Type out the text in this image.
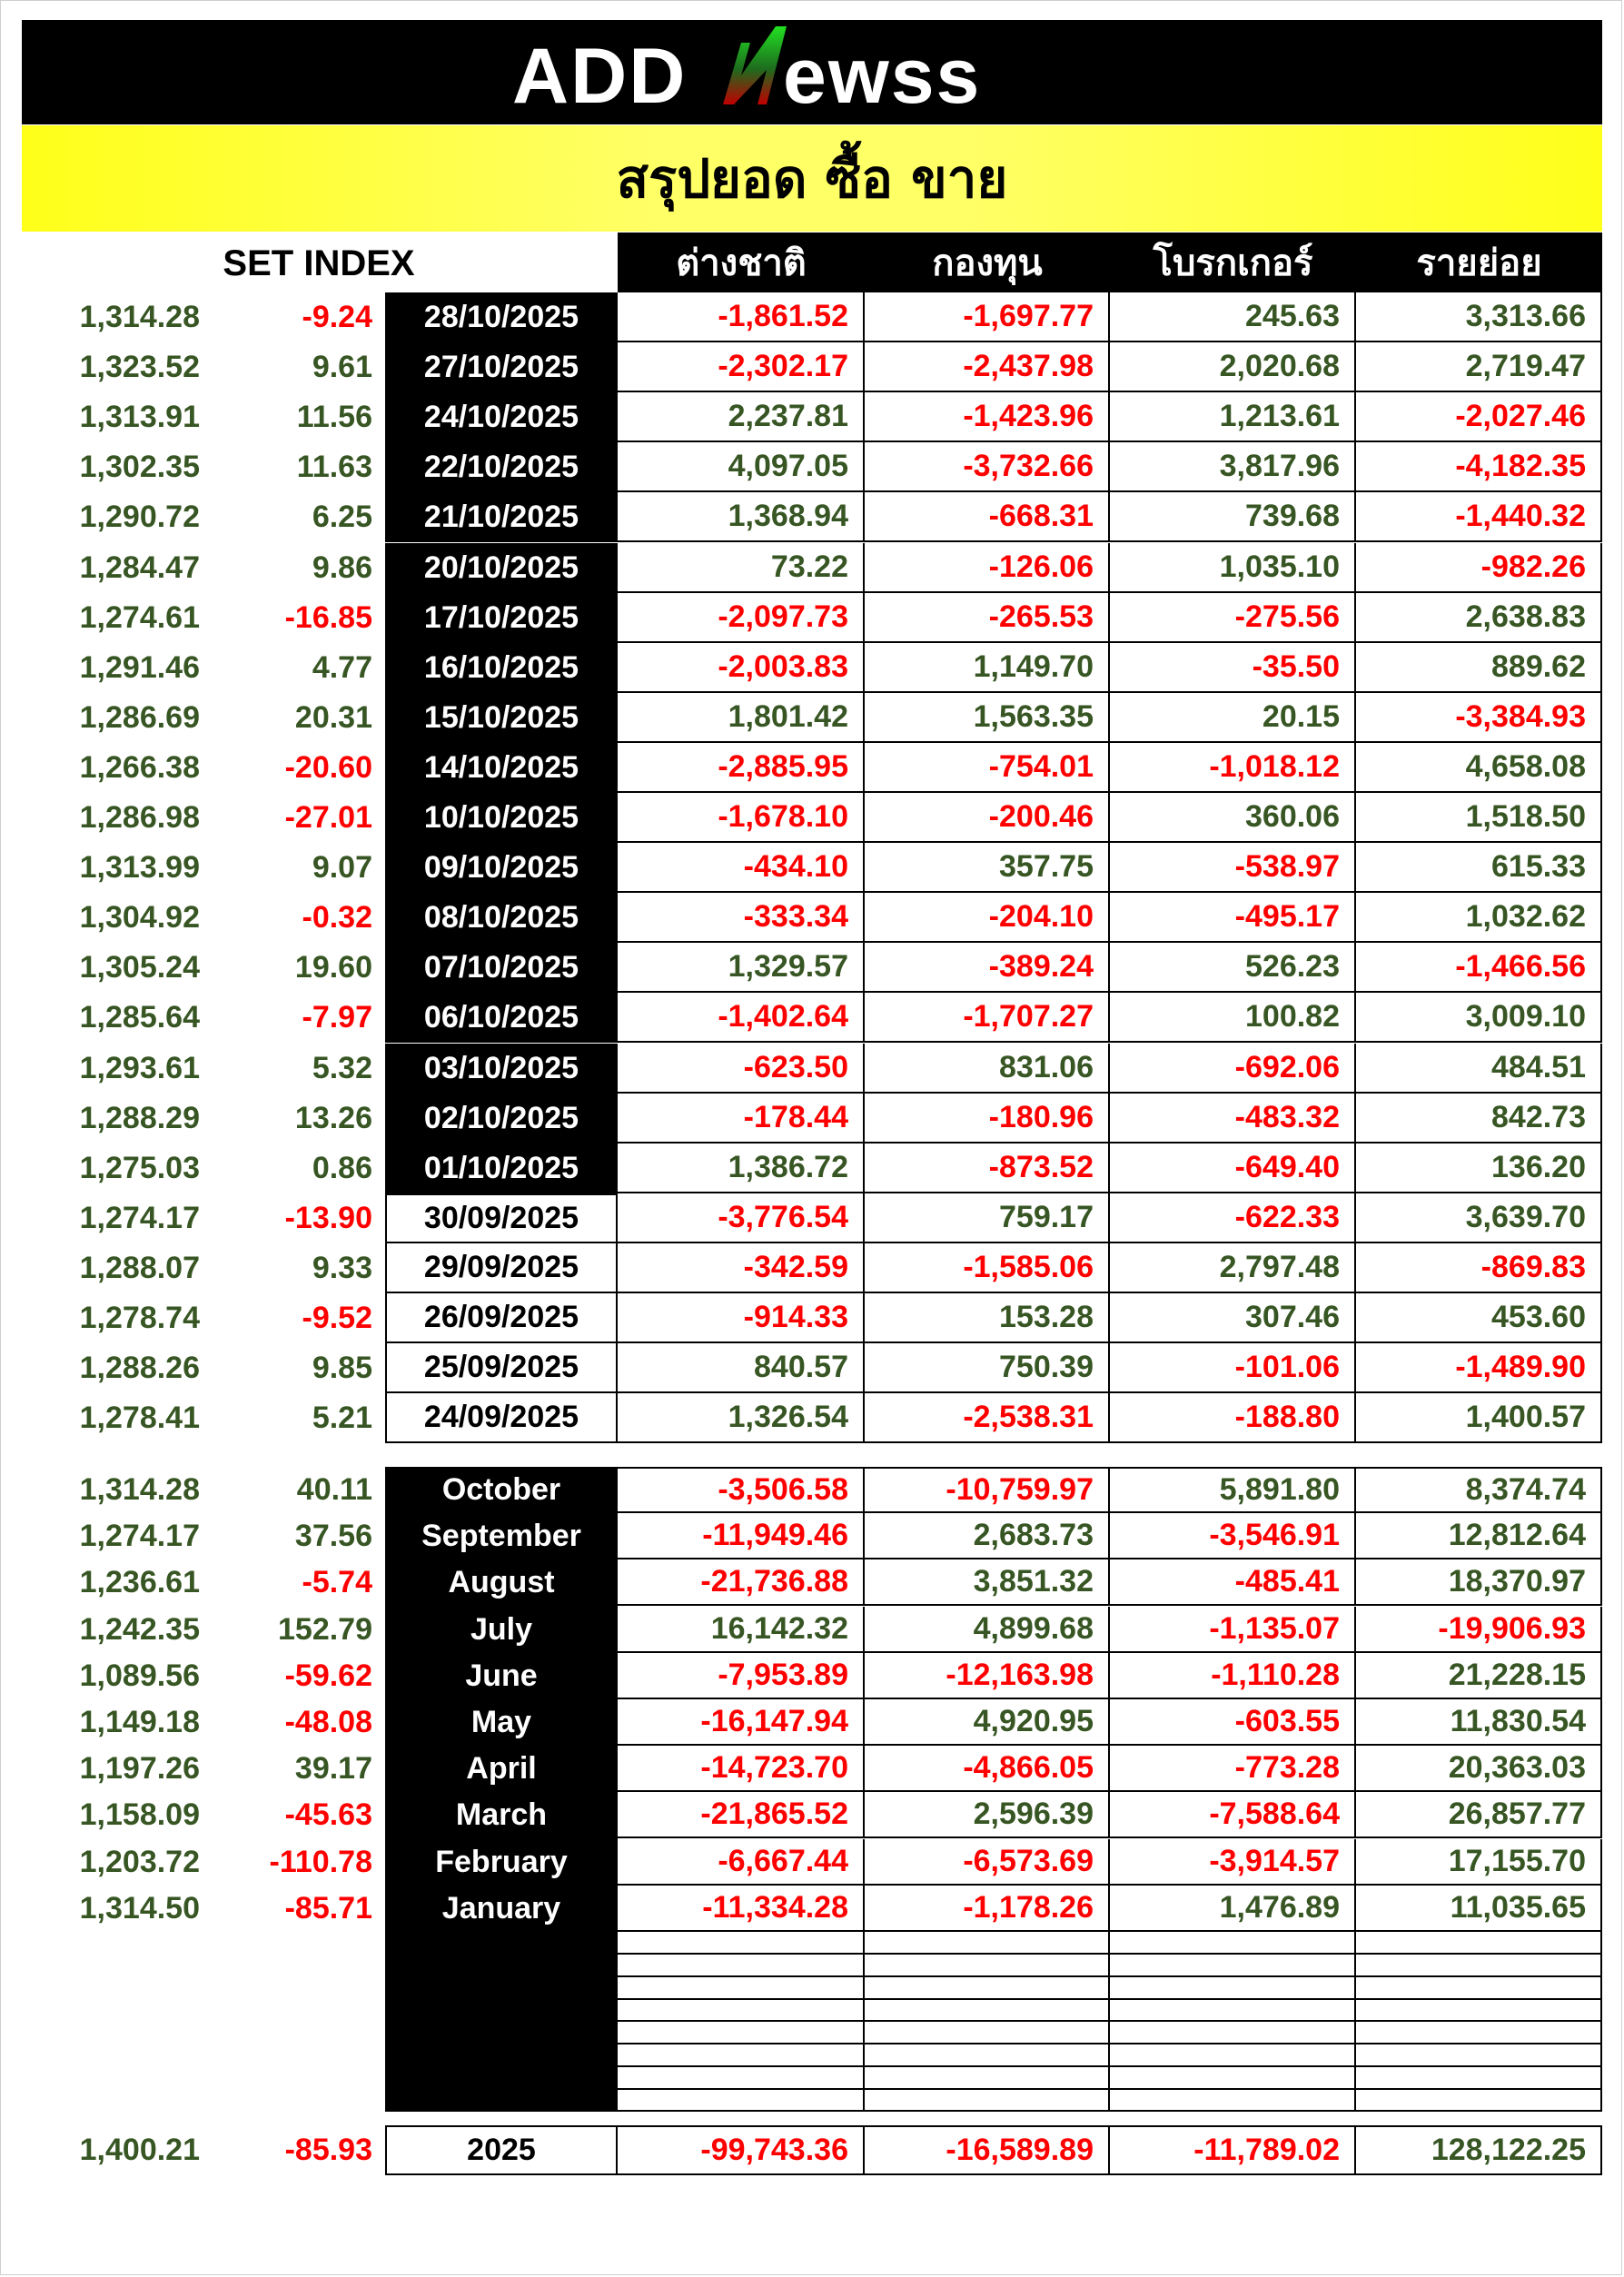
ADD ewss
สรุปยอด ซื้อ ขาย
SET INDEX	ต่างชาติ	กองทุน	โบรกเกอร์	รายย่อย
1,314.28	-9.24	28/10/2025	-1,861.52	-1,697.77	245.63	3,313.66
1,323.52	9.61	27/10/2025	-2,302.17	-2,437.98	2,020.68	2,719.47
1,313.91	11.56	24/10/2025	2,237.81	-1,423.96	1,213.61	-2,027.46
1,302.35	11.63	22/10/2025	4,097.05	-3,732.66	3,817.96	-4,182.35
1,290.72	6.25	21/10/2025	1,368.94	-668.31	739.68	-1,440.32
1,284.47	9.86	20/10/2025	73.22	-126.06	1,035.10	-982.26
1,274.61	-16.85	17/10/2025	-2,097.73	-265.53	-275.56	2,638.83
1,291.46	4.77	16/10/2025	-2,003.83	1,149.70	-35.50	889.62
1,286.69	20.31	15/10/2025	1,801.42	1,563.35	20.15	-3,384.93
1,266.38	-20.60	14/10/2025	-2,885.95	-754.01	-1,018.12	4,658.08
1,286.98	-27.01	10/10/2025	-1,678.10	-200.46	360.06	1,518.50
1,313.99	9.07	09/10/2025	-434.10	357.75	-538.97	615.33
1,304.92	-0.32	08/10/2025	-333.34	-204.10	-495.17	1,032.62
1,305.24	19.60	07/10/2025	1,329.57	-389.24	526.23	-1,466.56
1,285.64	-7.97	06/10/2025	-1,402.64	-1,707.27	100.82	3,009.10
1,293.61	5.32	03/10/2025	-623.50	831.06	-692.06	484.51
1,288.29	13.26	02/10/2025	-178.44	-180.96	-483.32	842.73
1,275.03	0.86	01/10/2025	1,386.72	-873.52	-649.40	136.20
1,274.17	-13.90	30/09/2025	-3,776.54	759.17	-622.33	3,639.70
1,288.07	9.33	29/09/2025	-342.59	-1,585.06	2,797.48	-869.83
1,278.74	-9.52	26/09/2025	-914.33	153.28	307.46	453.60
1,288.26	9.85	25/09/2025	840.57	750.39	-101.06	-1,489.90
1,278.41	5.21	24/09/2025	1,326.54	-2,538.31	-188.80	1,400.57
1,314.28	40.11	October	-3,506.58	-10,759.97	5,891.80	8,374.74
1,274.17	37.56	September	-11,949.46	2,683.73	-3,546.91	12,812.64
1,236.61	-5.74	August	-21,736.88	3,851.32	-485.41	18,370.97
1,242.35	152.79	July	16,142.32	4,899.68	-1,135.07	-19,906.93
1,089.56	-59.62	June	-7,953.89	-12,163.98	-1,110.28	21,228.15
1,149.18	-48.08	May	-16,147.94	4,920.95	-603.55	11,830.54
1,197.26	39.17	April	-14,723.70	-4,866.05	-773.28	20,363.03
1,158.09	-45.63	March	-21,865.52	2,596.39	-7,588.64	26,857.77
1,203.72	-110.78	February	-6,667.44	-6,573.69	-3,914.57	17,155.70
1,314.50	-85.71	January	-11,334.28	-1,178.26	1,476.89	11,035.65
1,400.21	-85.93	2025	-99,743.36	-16,589.89	-11,789.02	128,122.25
